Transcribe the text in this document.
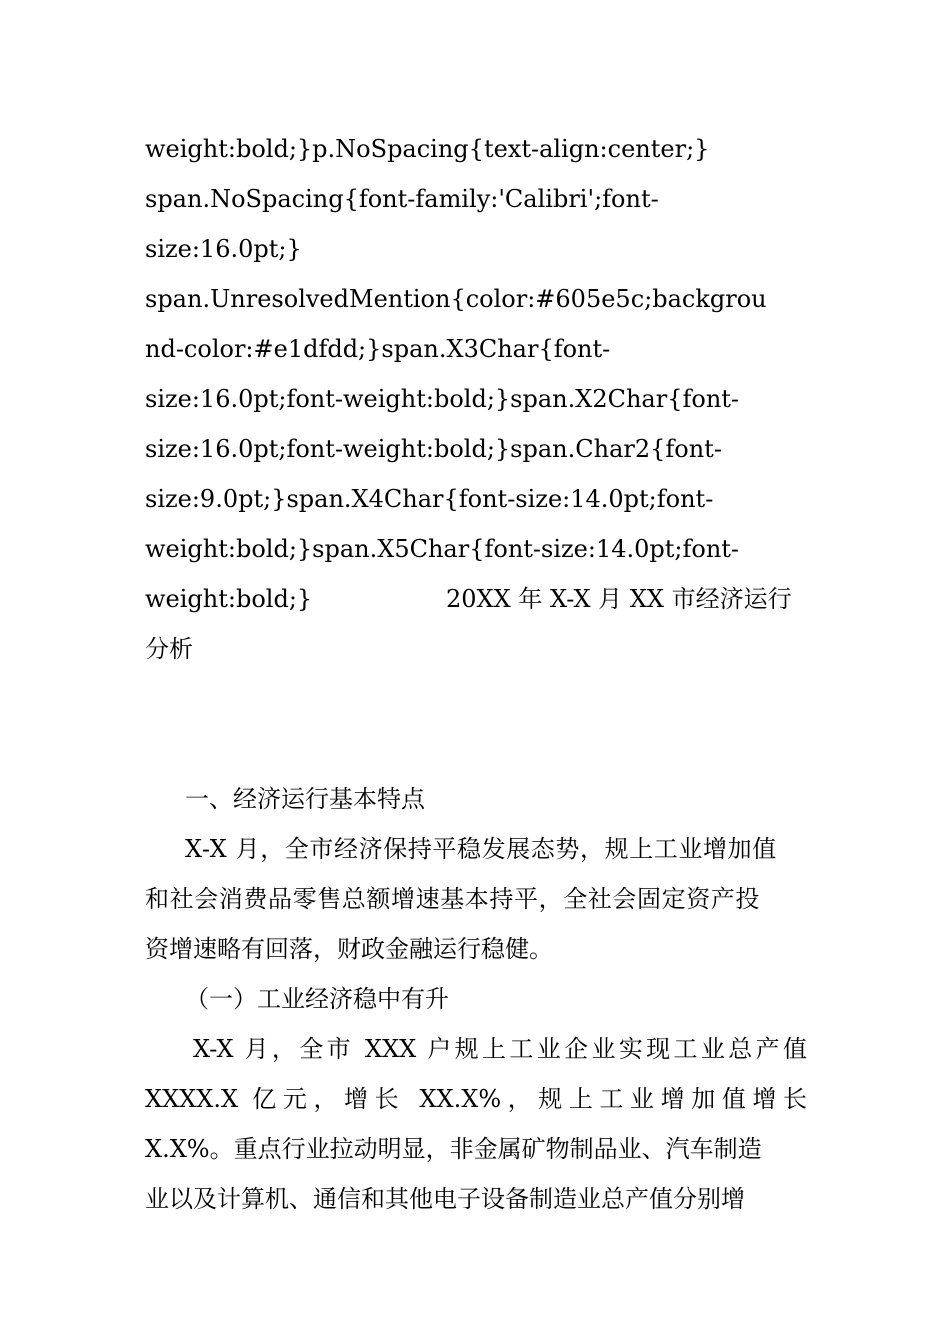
weight:bold;}p.NoSpacing{text-align:center;}
span.NoSpacing{font-family:'Calibri';font-
size:16.0pt;}
span.UnresolvedMention{color:#605e5c;backgrou
nd-color:#e1dfdd;}span.X3Char{font-
size:16.0pt;font-weight:bold;}span.X2Char{font-
size:16.0pt;font-weight:bold;}span.Char2{font-
size:9.0pt;}span.X4Char{font-size:14.0pt;font-
weight:bold;}span.X5Char{font-size:14.0pt;font-
weight:bold;}	20XX 年 X-X 月 XX 市经济运行
分析
一、经济运行基本特点
X-X 月，全市经济保持平稳发展态势，规上工业增加值
和社会消费品零售总额增速基本持平，全社会固定资产投
资增速略有回落，财政金融运行稳健。
（一）工业经济稳中有升
X-X 月，全市 XXX 户规上工业企业实现工业总产值
XXXX.X 亿元，增长 XX.X%，规上工业增加值增长
X.X%。重点行业拉动明显，非金属矿物制品业、汽车制造
业以及计算机、通信和其他电子设备制造业总产值分别增
